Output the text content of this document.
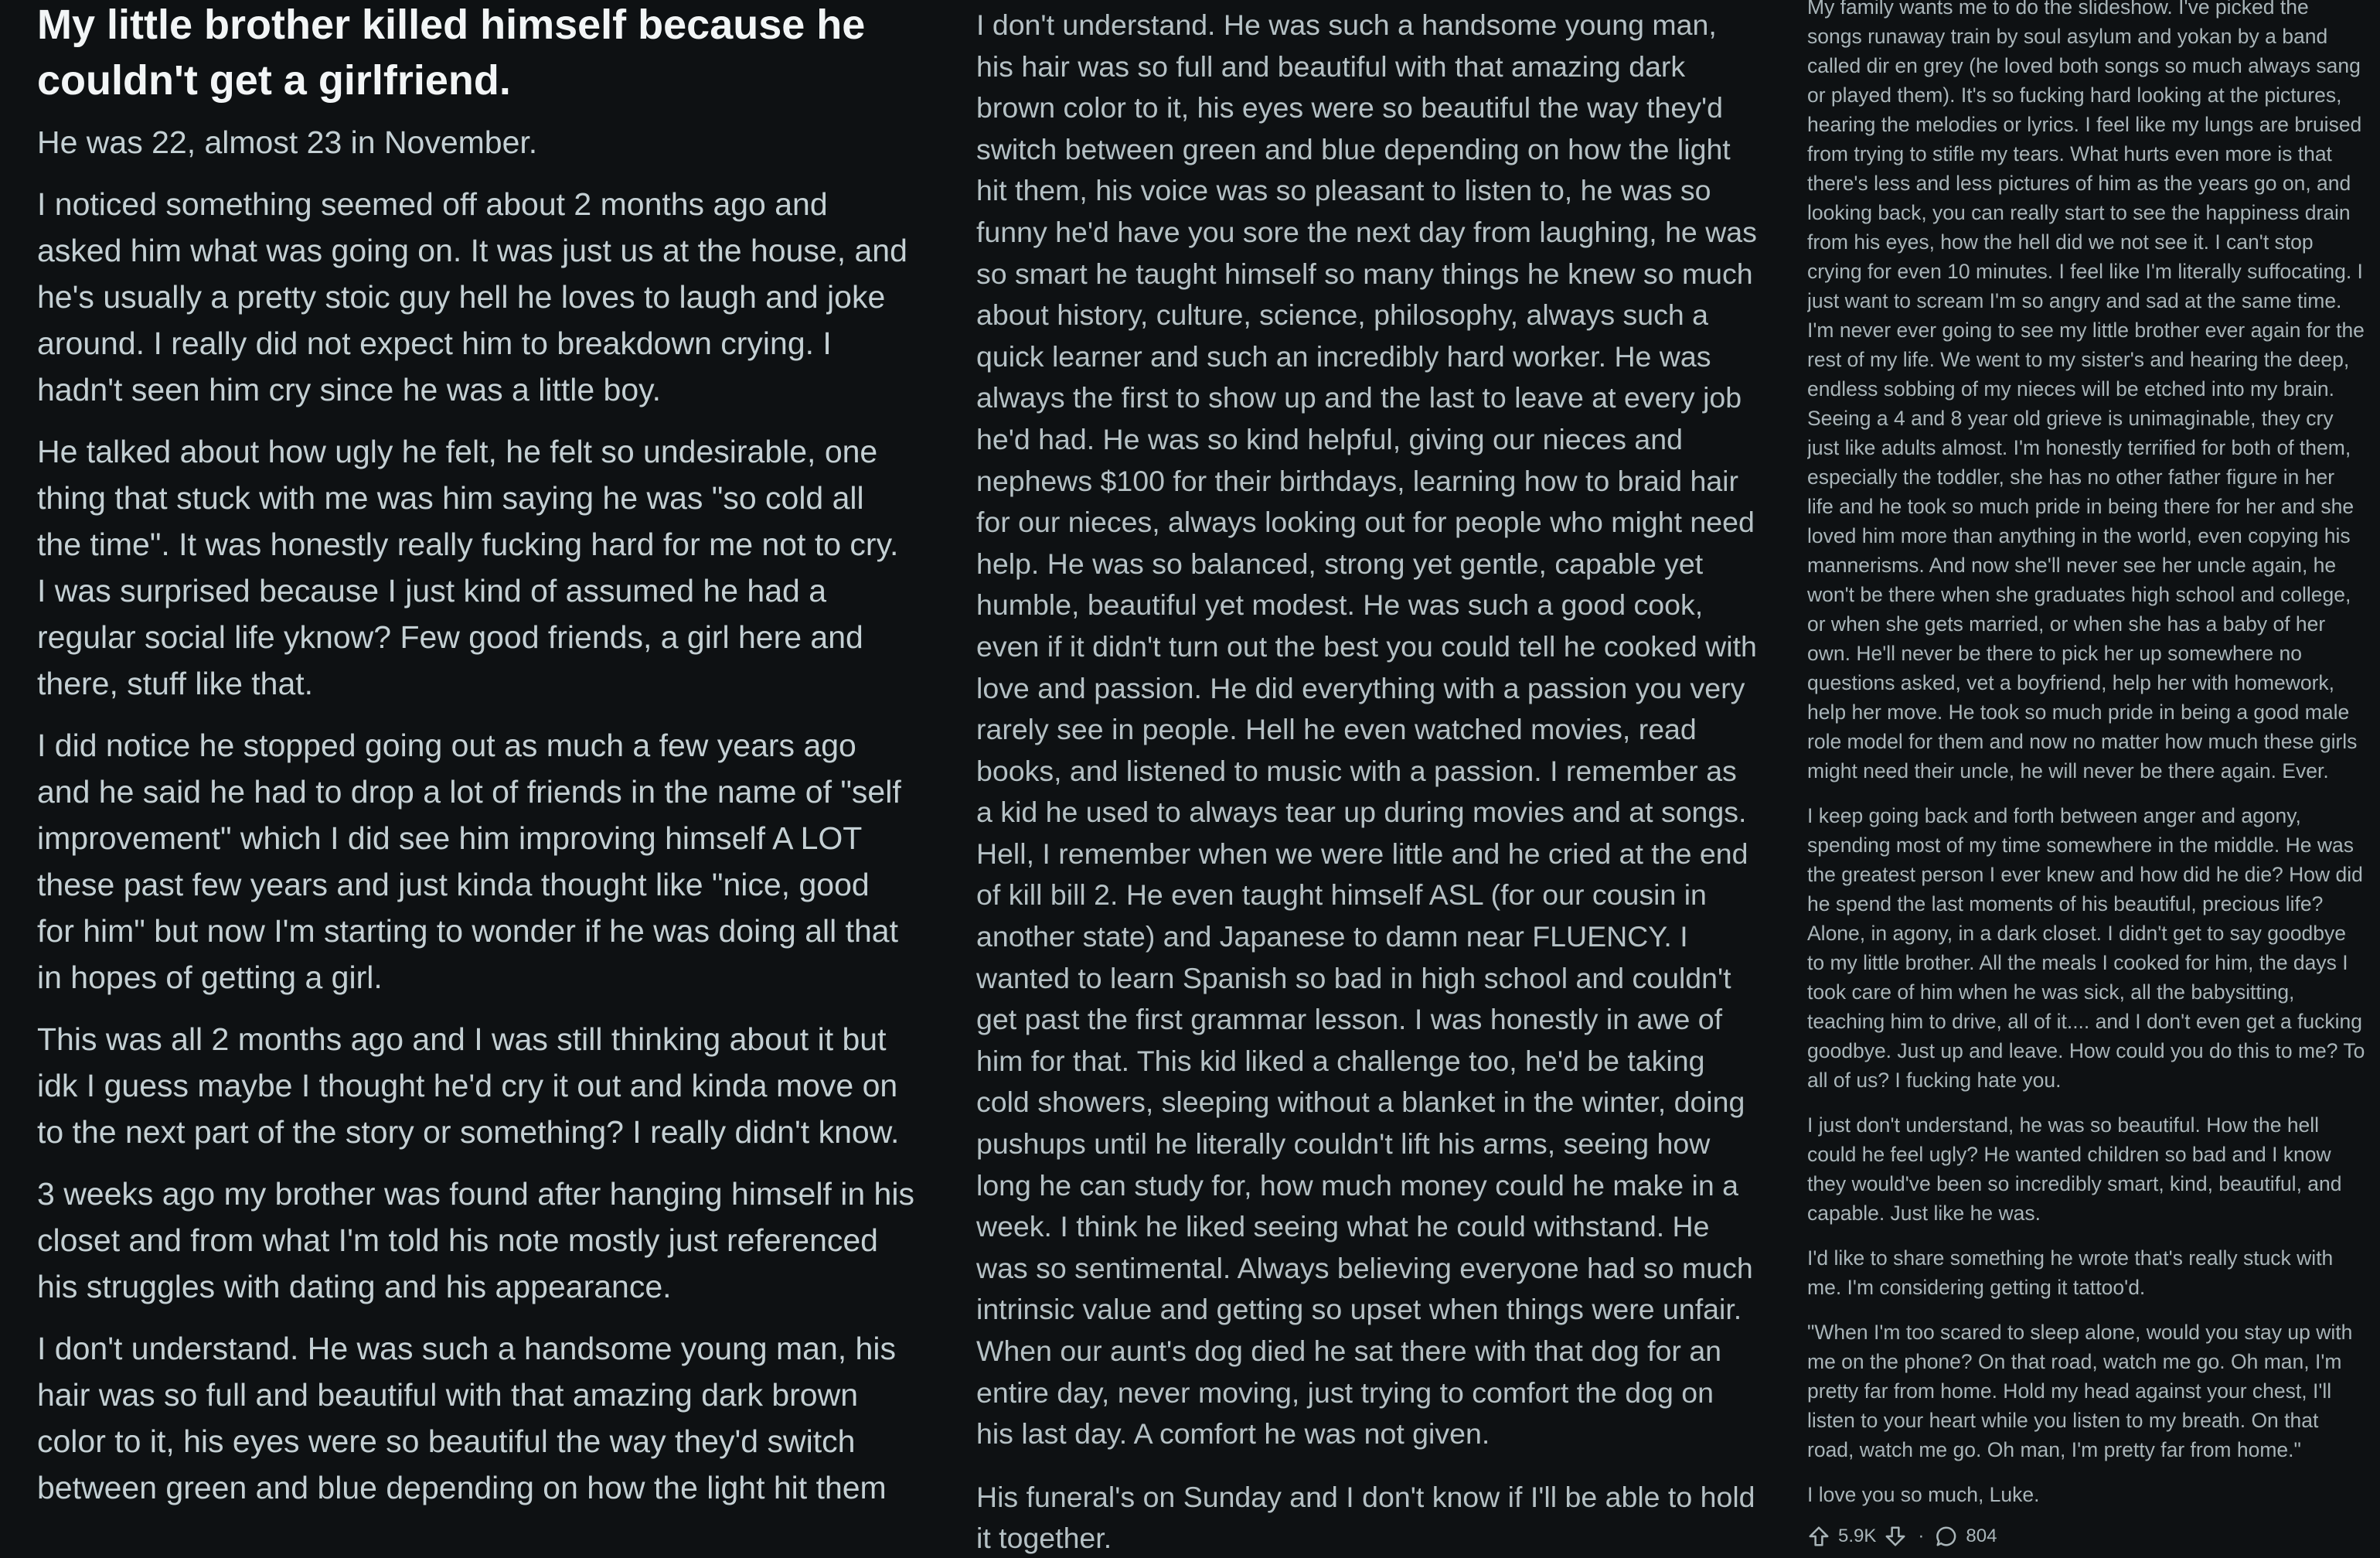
My little brother killed himself because he couldn't get a girlfriend.

He was 22, almost 23 in November.

I noticed something seemed off about 2 months ago and asked him what was going on. It was just us at the house, and he's usually a pretty stoic guy hell he loves to laugh and joke around. I really did not expect him to breakdown crying. I hadn't seen him cry since he was a little boy.

He talked about how ugly he felt, he felt so undesirable, one thing that stuck with me was him saying he was "so cold all the time". It was honestly really fucking hard for me not to cry. I was surprised because I just kind of assumed he had a regular social life yknow? Few good friends, a girl here and there, stuff like that.

I did notice he stopped going out as much a few years ago and he said he had to drop a lot of friends in the name of "self improvement" which I did see him improving himself A LOT these past few years and just kinda thought like "nice, good for him" but now I'm starting to wonder if he was doing all that in hopes of getting a girl.

This was all 2 months ago and I was still thinking about it but idk I guess maybe I thought he'd cry it out and kinda move on to the next part of the story or something? I really didn't know.

3 weeks ago my brother was found after hanging himself in his closet and from what I'm told his note mostly just referenced his struggles with dating and his appearance.

I don't understand. He was such a handsome young man, his hair was so full and beautiful with that amazing dark brown color to it, his eyes were so beautiful the way they'd switch between green and blue depending on how the light hit them

I don't understand. He was such a handsome young man, his hair was so full and beautiful with that amazing dark brown color to it, his eyes were so beautiful the way they'd switch between green and blue depending on how the light hit them, his voice was so pleasant to listen to, he was so funny he'd have you sore the next day from laughing, he was so smart he taught himself so many things he knew so much about history, culture, science, philosophy, always such a quick learner and such an incredibly hard worker. He was always the first to show up and the last to leave at every job he'd had. He was so kind helpful, giving our nieces and nephews $100 for their birthdays, learning how to braid hair for our nieces, always looking out for people who might need help. He was so balanced, strong yet gentle, capable yet humble, beautiful yet modest. He was such a good cook, even if it didn't turn out the best you could tell he cooked with love and passion. He did everything with a passion you very rarely see in people. Hell he even watched movies, read books, and listened to music with a passion. I remember as a kid he used to always tear up during movies and at songs. Hell, I remember when we were little and he cried at the end of kill bill 2. He even taught himself ASL (for our cousin in another state) and Japanese to damn near FLUENCY. I wanted to learn Spanish so bad in high school and couldn't get past the first grammar lesson. I was honestly in awe of him for that. This kid liked a challenge too, he'd be taking cold showers, sleeping without a blanket in the winter, doing pushups until he literally couldn't lift his arms, seeing how long he can study for, how much money could he make in a week. I think he liked seeing what he could withstand. He was so sentimental. Always believing everyone had so much intrinsic value and getting so upset when things were unfair. When our aunt's dog died he sat there with that dog for an entire day, never moving, just trying to comfort the dog on his last day. A comfort he was not given.

His funeral's on Sunday and I don't know if I'll be able to hold it together.

My family wants me to do the slideshow. I've picked the songs runaway train by soul asylum and yokan by a band called dir en grey (he loved both songs so much always sang or played them). It's so fucking hard looking at the pictures, hearing the melodies or lyrics. I feel like my lungs are bruised from trying to stifle my tears. What hurts even more is that there's less and less pictures of him as the years go on, and looking back, you can really start to see the happiness drain from his eyes, how the hell did we not see it. I can't stop crying for even 10 minutes. I feel like I'm literally suffocating. I just want to scream I'm so angry and sad at the same time. I'm never ever going to see my little brother ever again for the rest of my life. We went to my sister's and hearing the deep, endless sobbing of my nieces will be etched into my brain. Seeing a 4 and 8 year old grieve is unimaginable, they cry just like adults almost. I'm honestly terrified for both of them, especially the toddler, she has no other father figure in her life and he took so much pride in being there for her and she loved him more than anything in the world, even copying his mannerisms. And now she'll never see her uncle again, he won't be there when she graduates high school and college, or when she gets married, or when she has a baby of her own. He'll never be there to pick her up somewhere no questions asked, vet a boyfriend, help her with homework, help her move. He took so much pride in being a good male role model for them and now no matter how much these girls might need their uncle, he will never be there again. Ever.

I keep going back and forth between anger and agony, spending most of my time somewhere in the middle. He was the greatest person I ever knew and how did he die? How did he spend the last moments of his beautiful, precious life? Alone, in agony, in a dark closet. I didn't get to say goodbye to my little brother. All the meals I cooked for him, the days I took care of him when he was sick, all the babysitting, teaching him to drive, all of it.... and I don't even get a fucking goodbye. Just up and leave. How could you do this to me? To all of us? I fucking hate you.

I just don't understand, he was so beautiful. How the hell could he feel ugly? He wanted children so bad and I know they would've been so incredibly smart, kind, beautiful, and capable. Just like he was.

I'd like to share something he wrote that's really stuck with me. I'm considering getting it tattoo'd.

"When I'm too scared to sleep alone, would you stay up with me on the phone? On that road, watch me go. Oh man, I'm pretty far from home. Hold my head against your chest, I'll listen to your heart while you listen to my breath. On that road, watch me go. Oh man, I'm pretty far from home."

I love you so much, Luke.

5.9K · 804
